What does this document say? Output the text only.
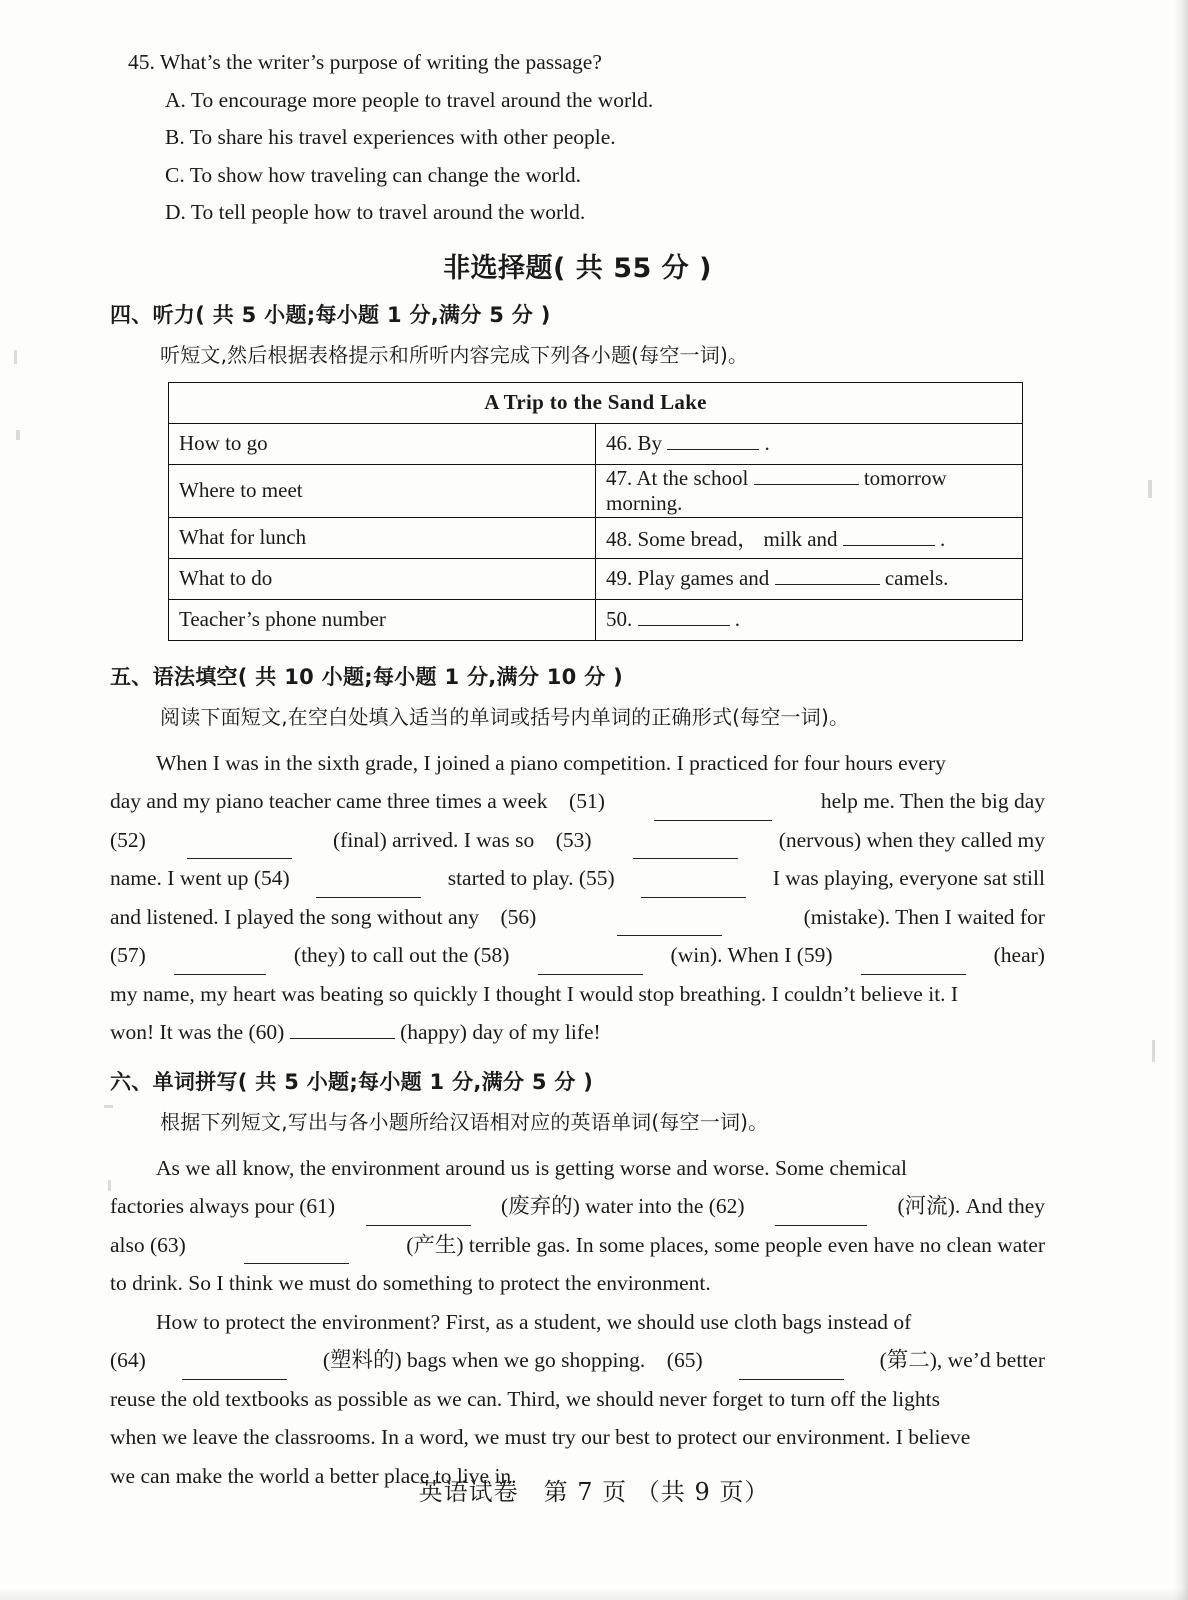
45. What’s the writer’s purpose of writing the passage?

A. To encourage more people to travel around the world.

B. To share his travel experiences with other people.

C. To show how traveling can change the world.

D. To tell people how to travel around the world.

非选择题( 共 55 分 )
四、听力( 共 5 小题;每小题 1 分,满分 5 分 )
听短文,然后根据表格提示和所听内容完成下列各小题(每空一词)。
A Trip to the Sand Lake	
How to go	46. By .
Where to meet	47. At the school tomorrow morning.
What for lunch	48. Some bread， milk and .
What to do	49. Play games and camels.
Teacher’s phone number	50. .
五、语法填空( 共 10 小题;每小题 1 分,满分 10 分 )
阅读下面短文,在空白处填入适当的单词或括号内单词的正确形式(每空一词)。
When I was in the sixth grade, I joined a piano competition. I practiced for four hours every
day and my piano teacher came three times a week　(51)	help me. Then the big day
(52)	(final) arrived. I was so　(53)	(nervous) when they called my
name. I went up (54)	started to play. (55)	I was playing, everyone sat still
and listened. I played the song without any　(56)	(mistake). Then I waited for
(57)	(they) to call out the (58)	(win). When I (59)	(hear)
my name, my heart was beating so quickly I thought I would stop breathing. I couldn’t believe it. I
won! It was the (60)	(happy) day of my life!
六、单词拼写( 共 5 小题;每小题 1 分,满分 5 分 )
根据下列短文,写出与各小题所给汉语相对应的英语单词(每空一词)。
As we all know, the environment around us is getting worse and worse. Some chemical
factories always pour (61)	(废弃的) water into the (62)	(河流). And they
also (63)	(产生) terrible gas. In some places, some people even have no clean water
to drink. So I think we must do something to protect the environment.
How to protect the environment? First, as a student, we should use cloth bags instead of
(64)	(塑料的) bags when we go shopping.　(65)	(第二), we’d better
reuse the old textbooks as possible as we can. Third, we should never forget to turn off the lights
when we leave the classrooms. In a word, we must try our best to protect our environment. I believe
we can make the world a better place to live in.
英语试卷　第 7 页 （共 9 页）
